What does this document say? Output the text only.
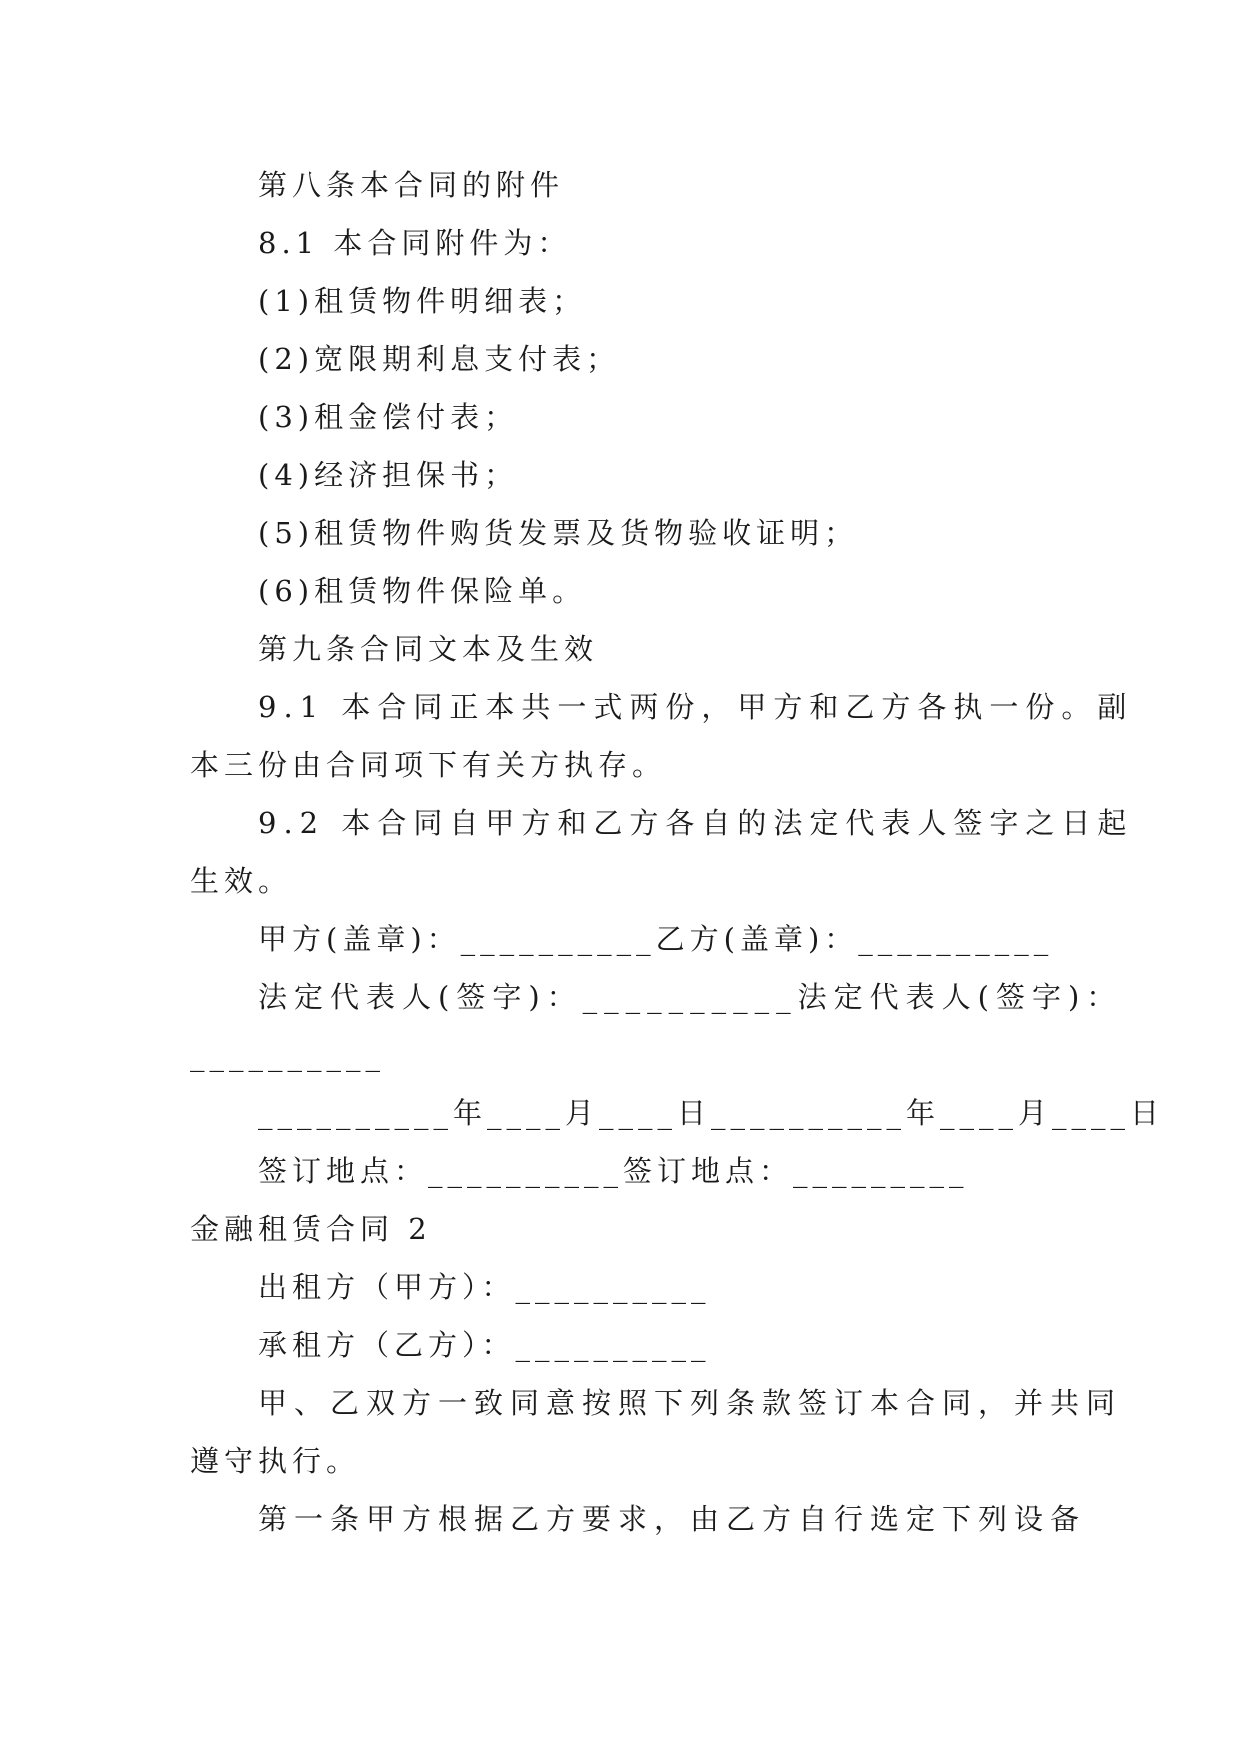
第八条本合同的附件
8.1 本合同附件为：
(1)租赁物件明细表；
(2)宽限期利息支付表；
(3)租金偿付表；
(4)经济担保书；
(5)租赁物件购货发票及货物验收证明；
(6)租赁物件保险单。
第九条合同文本及生效
9.1 本合同正本共一式两份，甲方和乙方各执一份。副
本三份由合同项下有关方执存。
9.2 本合同自甲方和乙方各自的法定代表人签字之日起
生效。
甲方(盖章)：__________乙方(盖章)：__________
法定代表人(签字)：__________法定代表人(签字)：
__________
__________年____月____日__________年____月____日
签订地点：__________签订地点：_________
金融租赁合同 2
出租方（甲方）：__________
承租方（乙方）：__________
甲、乙双方一致同意按照下列条款签订本合同，并共同
遵守执行。
第一条甲方根据乙方要求，由乙方自行选定下列设备
